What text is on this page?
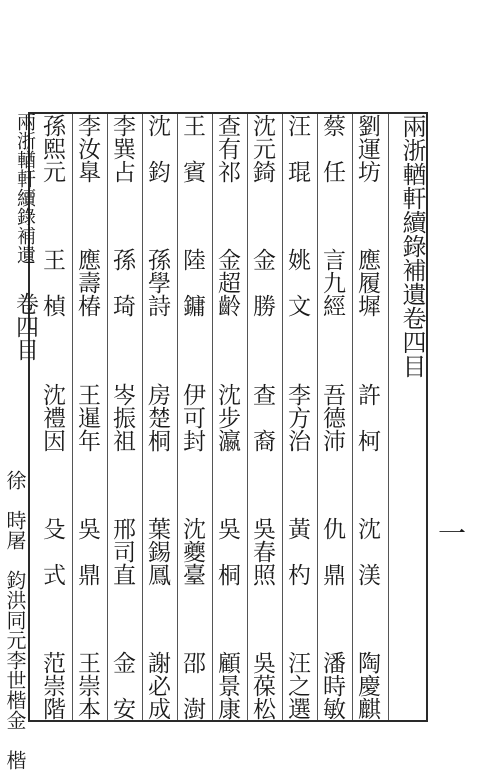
兩浙輶軒續錄補遺卷四目
劉運坊
應履墀
許　柯
沈　渼
陶慶麒
蔡　任
言九經
吾德沛
仇　鼎
潘時敏
汪　琨
姚　文
李方治
黃　杓
汪之選
沈元錡
金　勝
查　裔
吳春照
吳葆松
查有祁
金超齡
沈步瀛
吳　桐
顧景康
王　賓
陸　鏞
伊可封
沈夔臺
邵　澍
沈　鈞
孫學詩
房楚桐
葉錫鳳
謝必成
李巽占
孫　琦
岑振祖
邢司直
金　安
李汝臯
應壽椿
王暹年
吳　鼎
王崇本
孫熙元
王　楨
沈禮因
殳　式
范崇階
徐　時
屠　鈞
洪同元
李世楷
金　楷
兩浙輶軒續錄補遺 卷四目
一
